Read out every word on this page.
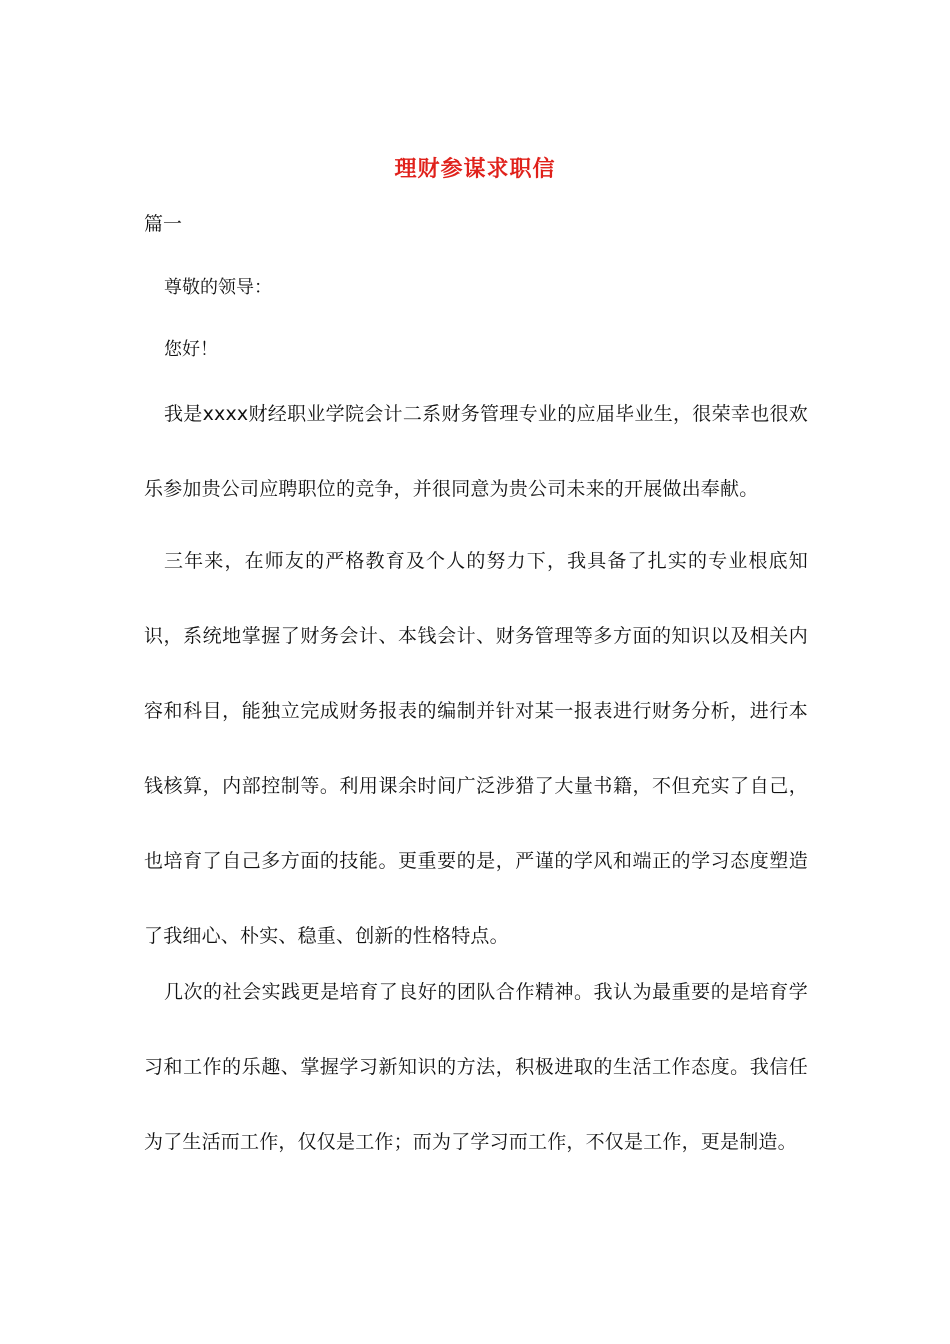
理财参谋求职信
篇一
尊敬的领导：
您好！

我是xxxx财经职业学院会计二系财务管理专业的应届毕业生，很荣幸也很欢乐参加贵公司应聘职位的竞争，并很同意为贵公司未来的开展做出奉献。

三年来，在师友的严格教育及个人的努力下，我具备了扎实的专业根底知识，系统地掌握了财务会计、本钱会计、财务管理等多方面的知识以及相关内容和科目，能独立完成财务报表的编制并针对某一报表进行财务分析，进行本钱核算，内部控制等。利用课余时间广泛涉猎了大量书籍，不但充实了自己，也培育了自己多方面的技能。更重要的是，严谨的学风和端正的学习态度塑造了我细心、朴实、稳重、创新的性格特点。

几次的社会实践更是培育了良好的团队合作精神。我认为最重要的是培育学习和工作的乐趣、掌握学习新知识的方法，积极进取的生活工作态度。我信任为了生活而工作，仅仅是工作；而为了学习而工作，不仅是工作，更是制造。
